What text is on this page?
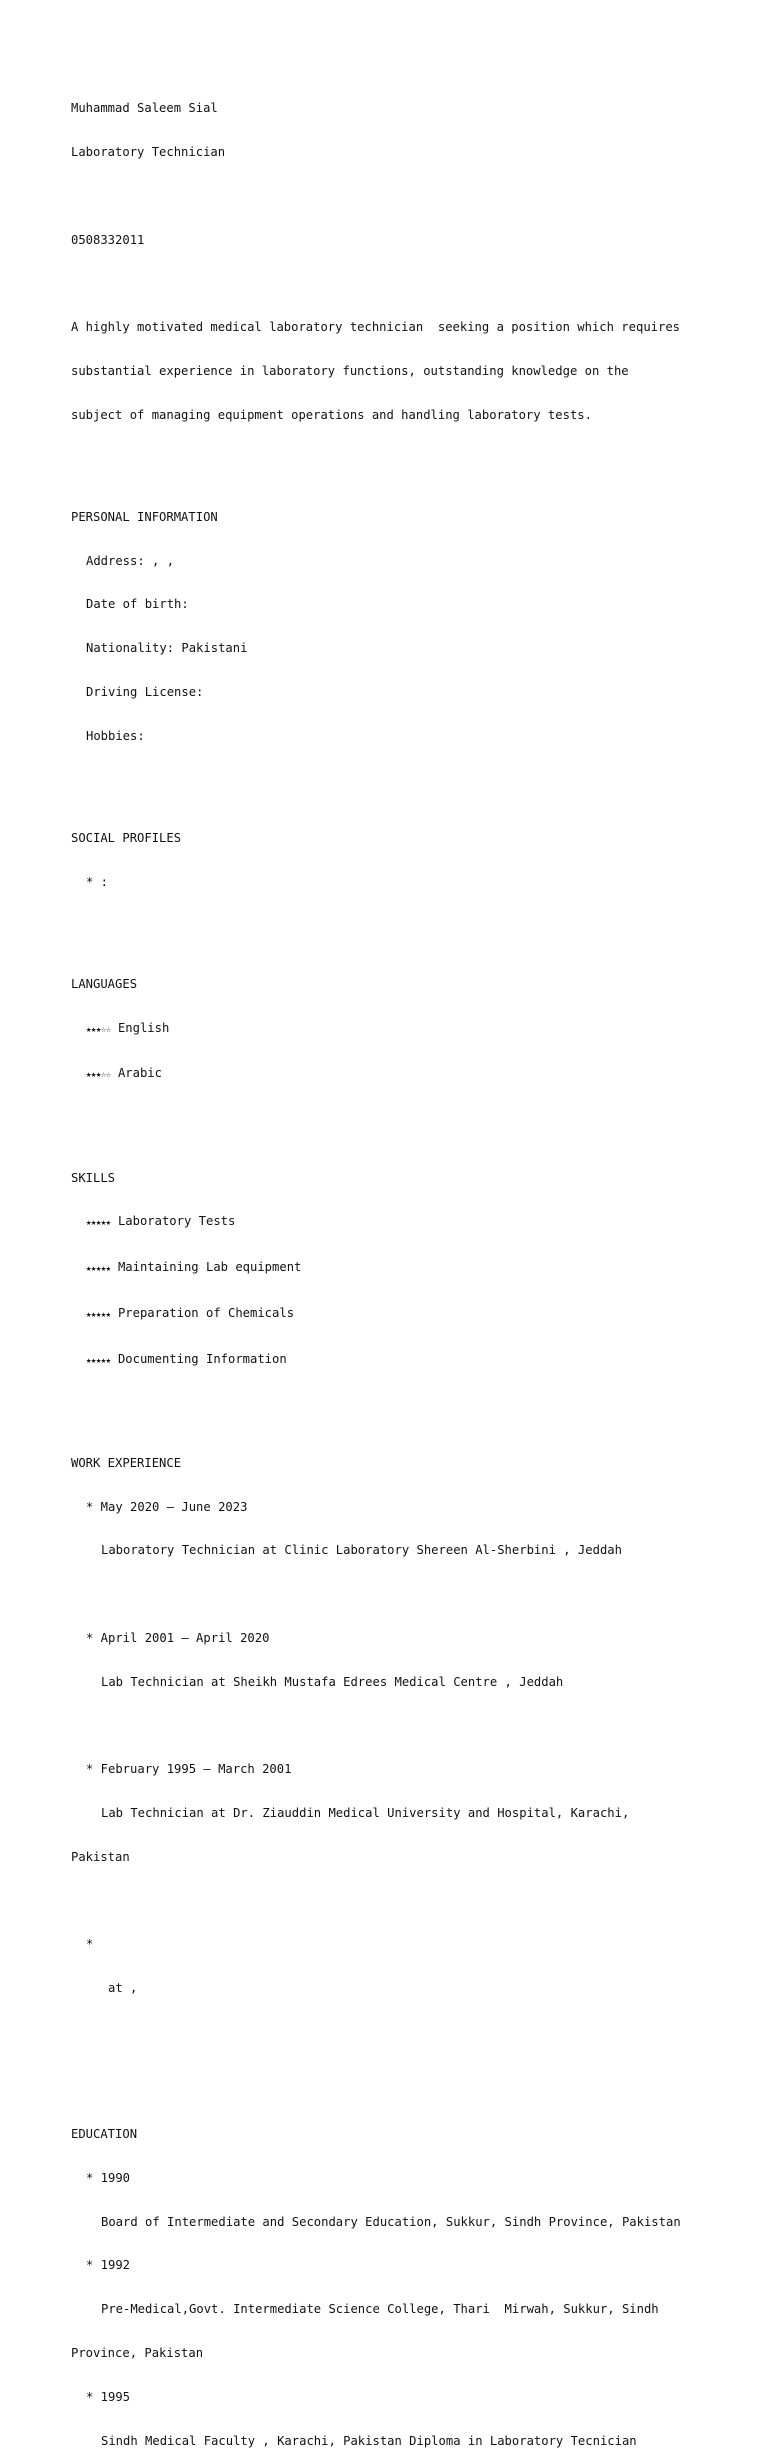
Muhammad Saleem Sial

Laboratory Technician

0508332011

A highly motivated medical laboratory technician  seeking a position which requires

substantial experience in laboratory functions, outstanding knowledge on the

subject of managing equipment operations and handling laboratory tests.

PERSONAL INFORMATION

Address: , ,

Date of birth:

Nationality: Pakistani

Driving License:

Hobbies:

SOCIAL PROFILES

* :

LANGUAGES

★★★☆☆ English

★★★☆☆ Arabic

SKILLS

★★★★★ Laboratory Tests

★★★★★ Maintaining Lab equipment

★★★★★ Preparation of Chemicals

★★★★★ Documenting Information

WORK EXPERIENCE

* May 2020 – June 2023

Laboratory Technician at Clinic Laboratory Shereen Al-Sherbini , Jeddah

* April 2001 – April 2020

Lab Technician at Sheikh Mustafa Edrees Medical Centre , Jeddah

* February 1995 – March 2001

Lab Technician at Dr. Ziauddin Medical University and Hospital, Karachi,

Pakistan

*

at ,

EDUCATION

* 1990

Board of Intermediate and Secondary Education, Sukkur, Sindh Province, Pakistan

* 1992

Pre-Medical,Govt. Intermediate Science College, Thari  Mirwah, Sukkur, Sindh

Province, Pakistan

* 1995

Sindh Medical Faculty , Karachi, Pakistan Diploma in Laboratory Tecnician
